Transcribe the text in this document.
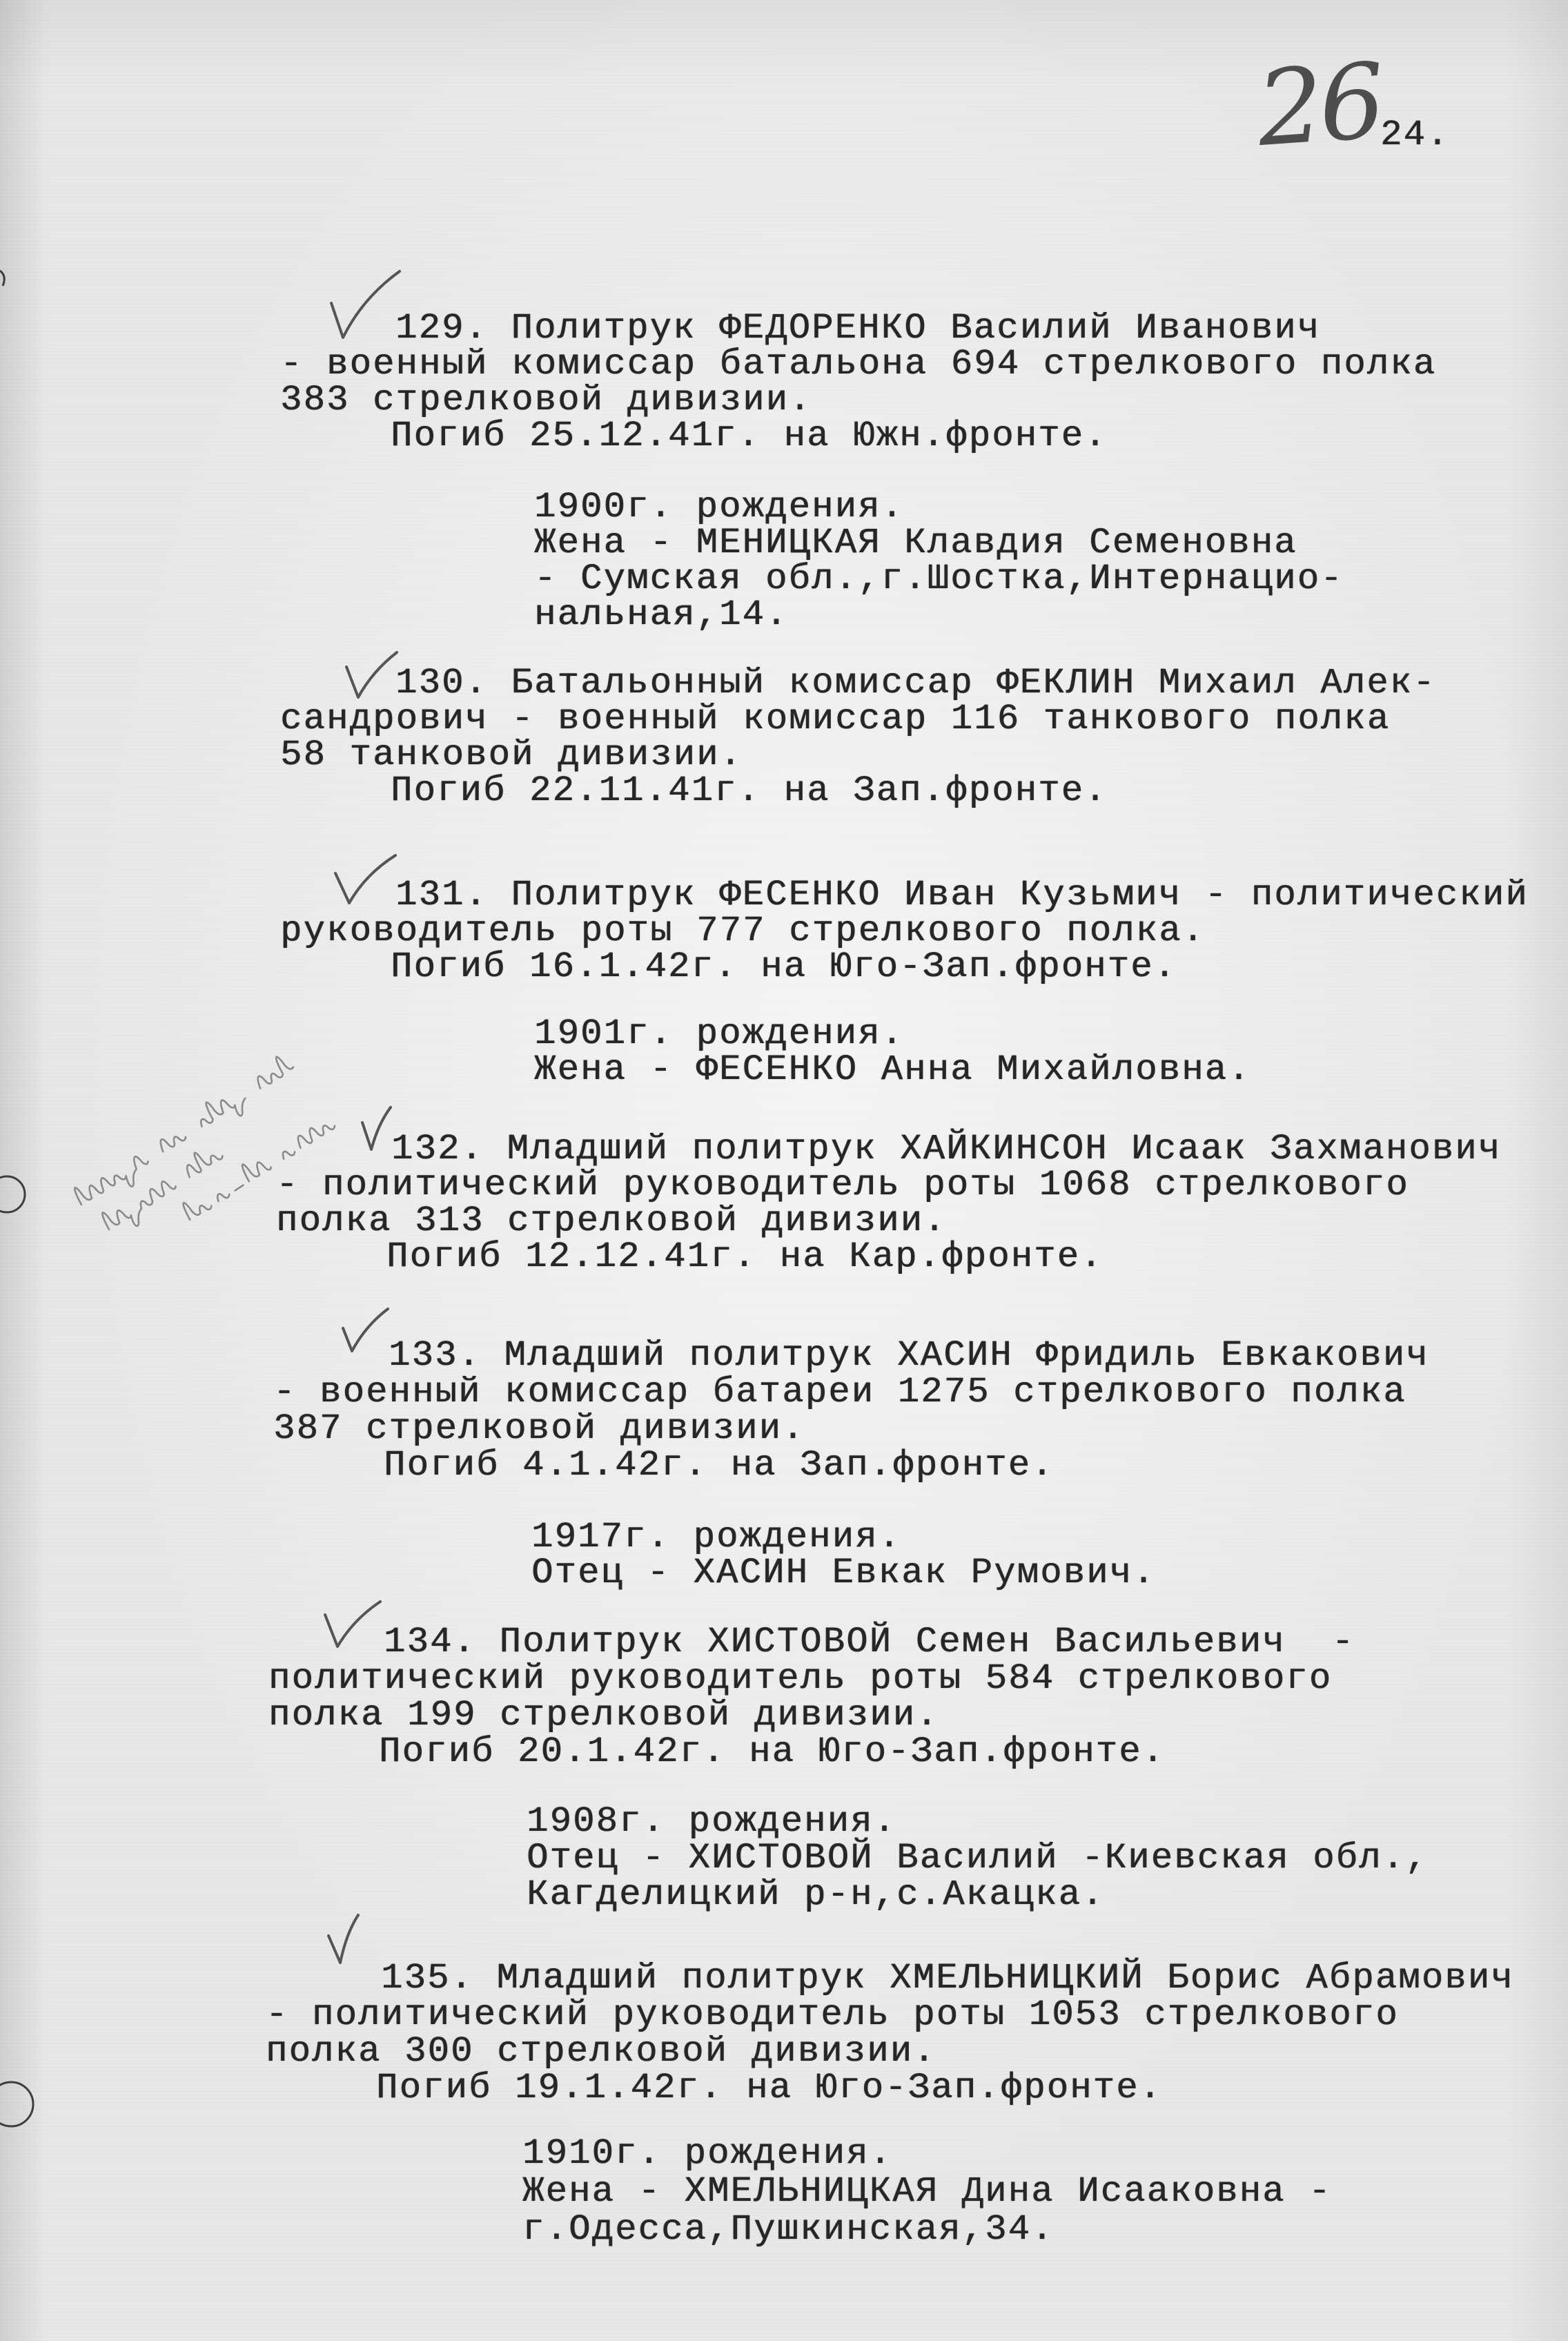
26
24.
129. Политрук ФЕДОРЕНКО Василий Иванович
- военный комиссар батальона 694 стрелкового полка
383 стрелковой дивизии.
Погиб 25.12.41г. на Южн.фронте.
1900г. рождения.
Жена - МЕНИЦКАЯ Клавдия Семеновна
- Сумская обл.,г.Шостка,Интернацио-
нальная,14.
130. Батальонный комиссар ФЕКЛИН Михаил Алек-
сандрович - военный комиссар 116 танкового полка
58 танковой дивизии.
Погиб 22.11.41г. на Зап.фронте.
131. Политрук ФЕСЕНКО Иван Кузьмич - политический
руководитель роты 777 стрелкового полка.
Погиб 16.1.42г. на Юго-Зап.фронте.
1901г. рождения.
Жена - ФЕСЕНКО Анна Михайловна.
132. Младший политрук ХАЙКИНСОН Исаак Захманович
- политический руководитель роты 1068 стрелкового
полка 313 стрелковой дивизии.
Погиб 12.12.41г. на Кар.фронте.
133. Младший политрук ХАСИН Фридиль Евкакович
- военный комиссар батареи 1275 стрелкового полка
387 стрелковой дивизии.
Погиб 4.1.42г. на Зап.фронте.
1917г. рождения.
Отец - ХАСИН Евкак Румович.
134. Политрук ХИСТОВОЙ Семен Васильевич  -
политический руководитель роты 584 стрелкового
полка 199 стрелковой дивизии.
Погиб 20.1.42г. на Юго-Зап.фронте.
1908г. рождения.
Отец - ХИСТОВОЙ Василий -Киевская обл.,
Кагделицкий р-н,с.Акацка.
135. Младший политрук ХМЕЛЬНИЦКИЙ Борис Абрамович
- политический руководитель роты 1053 стрелкового
полка 300 стрелковой дивизии.
Погиб 19.1.42г. на Юго-Зап.фронте.
1910г. рождения.
Жена - ХМЕЛЬНИЦКАЯ Дина Исааковна -
г.Одесса,Пушкинская,34.
